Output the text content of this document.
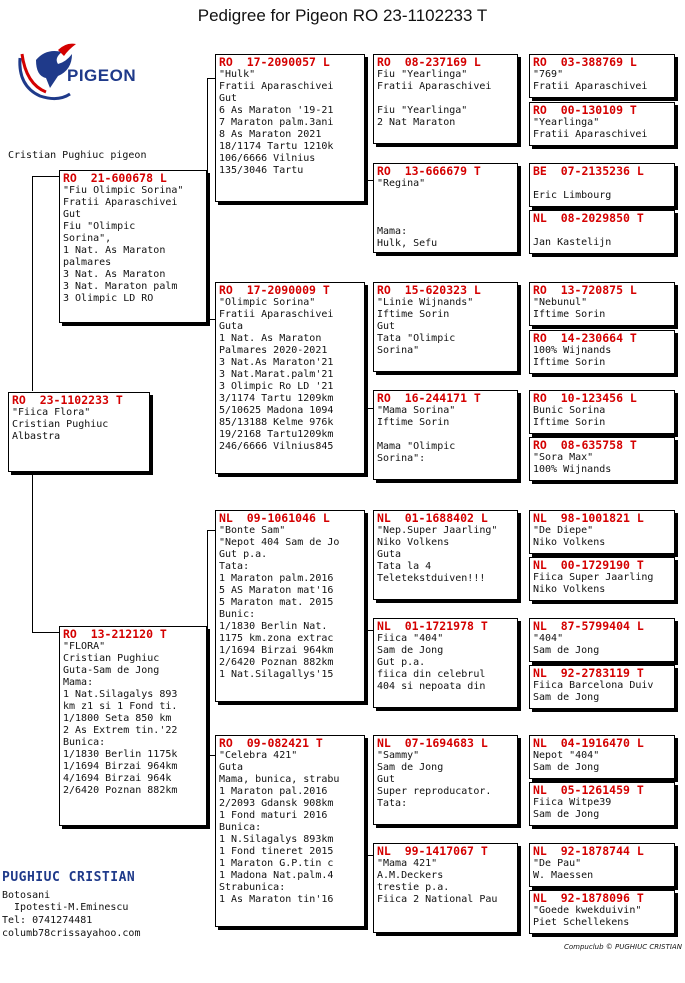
Pedigree for Pigeon RO 23-1102233 T
PIGEON
Cristian Pughiuc pigeon
RO  23-1102233 T
"Fiica Flora"
Cristian Pughiuc
Albastra
RO  21-600678 L
"Fiu Olimpic Sorina"
Fratii Aparaschivei
Gut
Fiu "Olimpic
Sorina",
1 Nat. As Maraton
palmares
3 Nat. As Maraton
3 Nat. Maraton palm
3 Olimpic LD RO
RO  13-212120 T
"FLORA"
Cristian Pughiuc
Guta-Sam de Jong
Mama:
1 Nat.Silagalys 893
km z1 si 1 Fond ti.
1/1800 Seta 850 km
2 As Extrem tin.'22
Bunica:
1/1830 Berlin 1175k
1/1694 Birzai 964km
4/1694 Birzai 964k
2/6420 Poznan 882km
RO  17-2090057 L
"Hulk"
Fratii Aparaschivei
Gut
6 As Maraton '19-21
7 Maraton palm.3ani
8 As Maraton 2021
18/1174 Tartu 1210k
106/6666 Vilnius
135/3046 Tartu
RO  17-2090009 T
"Olimpic Sorina"
Fratii Aparaschivei
Guta
1 Nat. As Maraton
Palmares 2020-2021
3 Nat.As Maraton'21
3 Nat.Marat.palm'21
3 Olimpic Ro LD '21
3/1174 Tartu 1209km
5/10625 Madona 1094
85/13188 Kelme 976k
19/2168 Tartu1209km
246/6666 Vilnius845
NL  09-1061046 L
"Bonte Sam"
"Nepot 404 Sam de Jo
Gut p.a.
Tata:
1 Maraton palm.2016
5 AS Maraton mat'16
5 Maraton mat. 2015
Bunic:
1/1830 Berlin Nat.
1175 km.zona extrac
1/1694 Birzai 964km
2/6420 Poznan 882km
1 Nat.Silagallys'15
RO  09-082421 T
"Celebra 421"
Guta
Mama, bunica, strabu
1 Maraton pal.2016
2/2093 Gdansk 908km
1 Fond maturi 2016
Bunica:
1 N.Silagalys 893km
1 Fond tineret 2015
1 Maraton G.P.tin c
1 Madona Nat.palm.4
Strabunica:
1 As Maraton tin'16
RO  08-237169 L
Fiu "Yearlinga"
Fratii Aparaschivei

Fiu "Yearlinga"
2 Nat Maraton
RO  13-666679 T
"Regina"

Mama:
Hulk, Sefu
RO  15-620323 L
"Linie Wijnands"
Iftime Sorin
Gut
Tata "Olimpic
Sorina"
RO  16-244171 T
"Mama Sorina"
Iftime Sorin

Mama "Olimpic
Sorina":
NL  01-1688402 L
"Nep.Super Jaarling"
Niko Volkens
Guta
Tata la 4
Teletekstduiven!!!
NL  01-1721978 T
Fiica "404"
Sam de Jong
Gut p.a.
fiica din celebrul
404 si nepoata din
NL  07-1694683 L
"Sammy"
Sam de Jong
Gut
Super reproducator.
Tata:
NL  99-1417067 T
"Mama 421"
A.M.Deckers
trestie p.a.
Fiica 2 National Pau
RO  03-388769 L
"769"
Fratii Aparaschivei
RO  00-130109 T
"Yearlinga"
Fratii Aparaschivei
BE  07-2135236 L

Eric Limbourg
NL  08-2029850 T

Jan Kastelijn
RO  13-720875 L
"Nebunul"
Iftime Sorin
RO  14-230664 T
100% Wijnands
Iftime Sorin
RO  10-123456 L
Bunic Sorina
Iftime Sorin
RO  08-635758 T
"Sora Max"
100% Wijnands
NL  98-1001821 L
"De Diepe"
Niko Volkens
NL  00-1729190 T
Fiica Super Jaarling
Niko Volkens
NL  87-5799404 L
"404"
Sam de Jong
NL  92-2783119 T
Fiica Barcelona Duiv
Sam de Jong
NL  04-1916470 L
Nepot "404"
Sam de Jong
NL  05-1261459 T
Fiica Witpe39
Sam de Jong
NL  92-1878744 L
"De Pau"
W. Maessen
NL  92-1878096 T
"Goede kwekduivin"
Piet Schellekens
PUGHIUC CRISTIAN
Botosani
Ipotesti-M.Eminescu
Tel: 0741274481
columb78crissayahoo.com
Compuclub © PUGHIUC CRISTIAN
